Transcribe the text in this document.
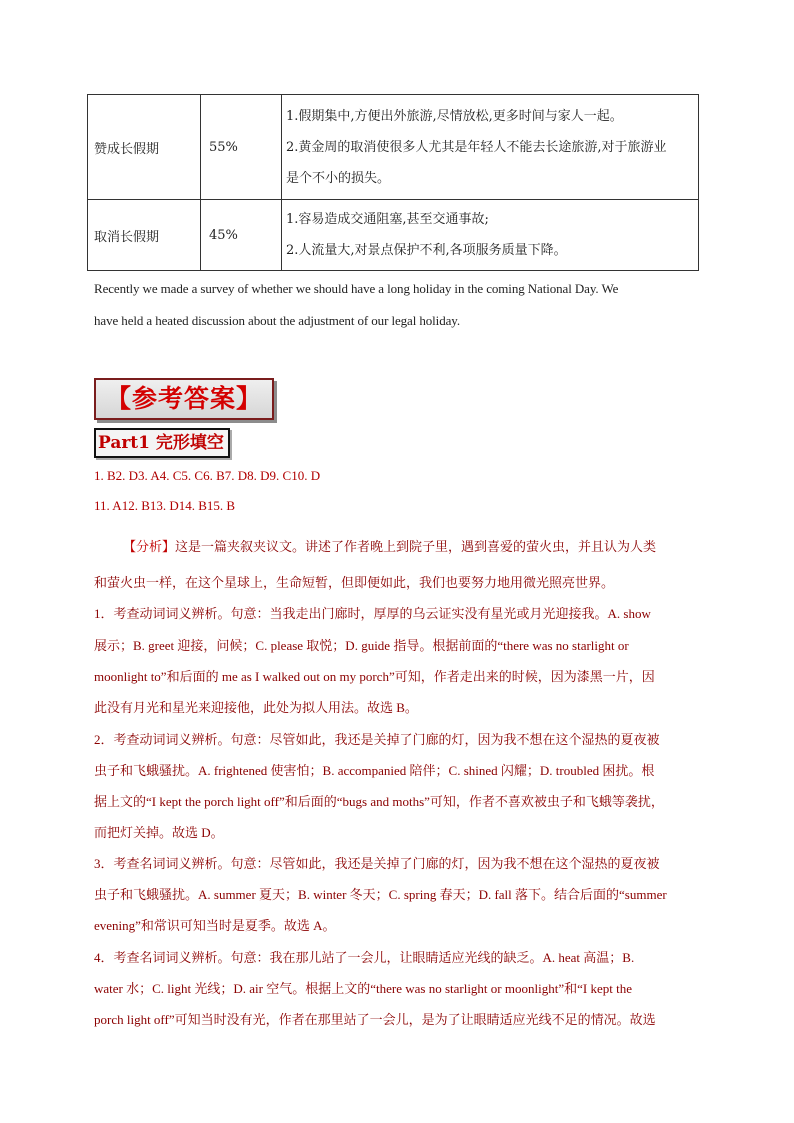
赞成长假期	55%	1.假期集中,方便出外旅游,尽情放松,更多时间与家人一起。
2.黄金周的取消使很多人尤其是年轻人不能去长途旅游,对于旅游业
是个不小的损失。

取消长假期	45%	1.容易造成交通阻塞,甚至交通事故;
2.人流量大,对景点保护不利,各项服务质量下降。
Recently we made a survey of whether we should have a long holiday in the coming National Day. We
have held a heated discussion about the adjustment of our legal holiday.
【参考答案】
Part1 完形填空
1. B2. D3. A4. C5. C6. B7. D8. D9. C10. D
11. A12. B13. D14. B15. B
【分析】这是一篇夹叙夹议文。讲述了作者晚上到院子里，遇到喜爱的萤火虫，并且认为人类
和萤火虫一样，在这个星球上，生命短暂，但即便如此，我们也要努力地用微光照亮世界。
1．考查动词词义辨析。句意：当我走出门廊时，厚厚的乌云证实没有星光或月光迎接我。A. show
展示；B. greet 迎接，问候；C. please 取悦；D. guide 指导。根据前面的“there was no starlight or
moonlight to”和后面的 me as I walked out on my porch”可知，作者走出来的时候，因为漆黑一片，因
此没有月光和星光来迎接他，此处为拟人用法。故选 B。
2．考查动词词义辨析。句意：尽管如此，我还是关掉了门廊的灯，因为我不想在这个湿热的夏夜被
虫子和飞蛾骚扰。A. frightened 使害怕；B. accompanied 陪伴；C. shined 闪耀；D. troubled 困扰。根
据上文的“I kept the porch light off”和后面的“bugs and moths”可知，作者不喜欢被虫子和飞蛾等袭扰，
而把灯关掉。故选 D。
3．考查名词词义辨析。句意：尽管如此，我还是关掉了门廊的灯，因为我不想在这个湿热的夏夜被
虫子和飞蛾骚扰。A. summer 夏天；B. winter 冬天；C. spring 春天；D. fall 落下。结合后面的“summer
evening”和常识可知当时是夏季。故选 A。
4．考查名词词义辨析。句意：我在那儿站了一会儿，让眼睛适应光线的缺乏。A. heat 高温；B.
water 水；C. light 光线；D. air 空气。根据上文的“there was no starlight or moonlight”和“I kept the
porch light off”可知当时没有光，作者在那里站了一会儿，是为了让眼睛适应光线不足的情况。故选
